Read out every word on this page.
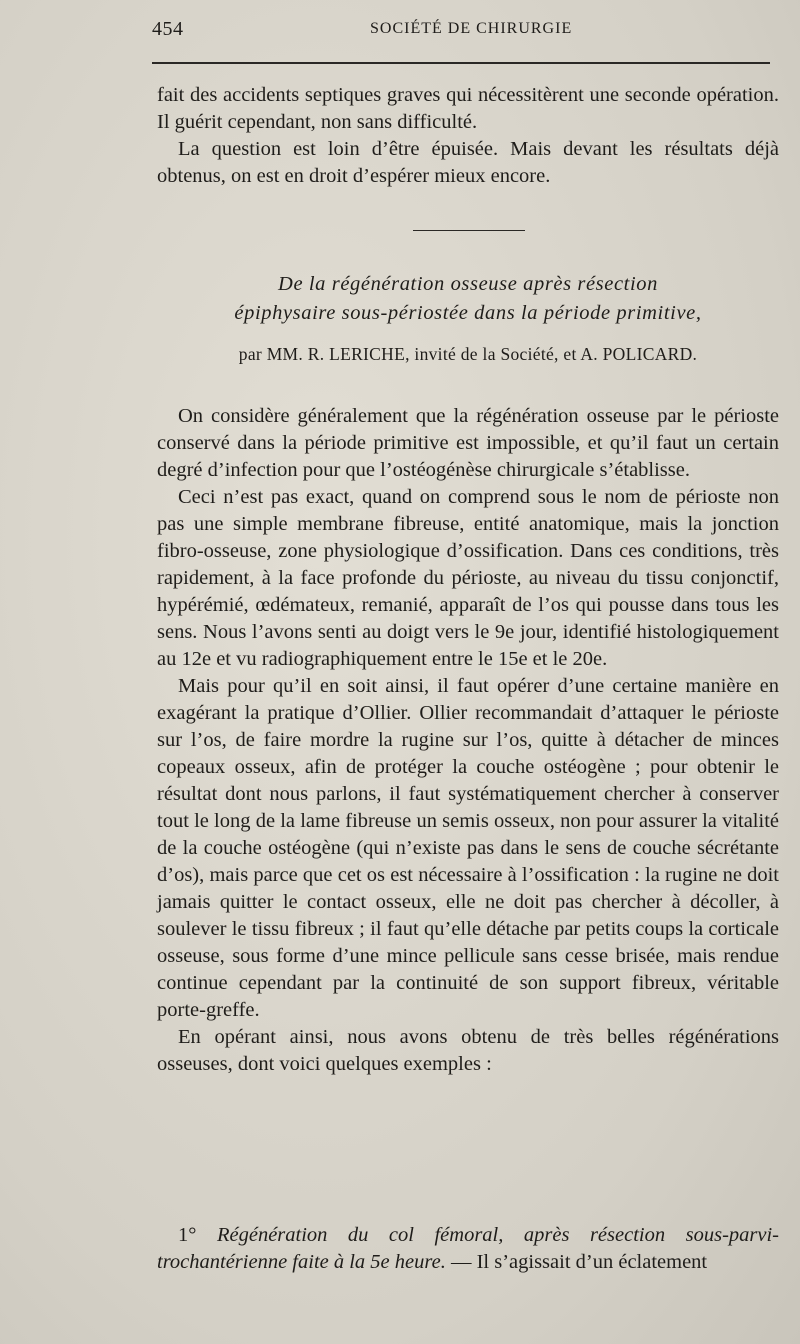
454	SOCIÉTÉ DE CHIRURGIE

fait des accidents septiques graves qui nécessitèrent une seconde opération. Il guérit cependant, non sans difficulté.

La question est loin d’être épuisée. Mais devant les résultats déjà obtenus, on est en droit d’espérer mieux encore.

De la régénération osseuse après résection
épiphysaire sous-périostée dans la période primitive,
par MM. R. LERICHE, invité de la Société, et A. POLICARD.

On considère généralement que la régénération osseuse par le périoste conservé dans la période primitive est impossible, et qu’il faut un certain degré d’infection pour que l’ostéogénèse chirurgicale s’établisse.

Ceci n’est pas exact, quand on comprend sous le nom de périoste non pas une simple membrane fibreuse, entité anatomique, mais la jonction fibro-osseuse, zone physiologique d’ossification. Dans ces conditions, très rapidement, à la face profonde du périoste, au niveau du tissu conjonctif, hypérémié, œdémateux, remanié, apparaît de l’os qui pousse dans tous les sens. Nous l’avons senti au doigt vers le 9e jour, identifié histologiquement au 12e et vu radiographiquement entre le 15e et le 20e.

Mais pour qu’il en soit ainsi, il faut opérer d’une certaine manière en exagérant la pratique d’Ollier. Ollier recommandait d’attaquer le périoste sur l’os, de faire mordre la rugine sur l’os, quitte à détacher de minces copeaux osseux, afin de protéger la couche ostéogène ; pour obtenir le résultat dont nous parlons, il faut systématiquement chercher à conserver tout le long de la lame fibreuse un semis osseux, non pour assurer la vitalité de la couche ostéogène (qui n’existe pas dans le sens de couche sécrétante d’os), mais parce que cet os est nécessaire à l’ossification : la rugine ne doit jamais quitter le contact osseux, elle ne doit pas chercher à décoller, à soulever le tissu fibreux ; il faut qu’elle détache par petits coups la corticale osseuse, sous forme d’une mince pellicule sans cesse brisée, mais rendue continue cependant par la continuité de son support fibreux, véritable porte-greffe.

En opérant ainsi, nous avons obtenu de très belles régénérations osseuses, dont voici quelques exemples :

1° Régénération du col fémoral, après résection sous-parvi-trochantérienne faite à la 5e heure. — Il s’agissait d’un éclatement
